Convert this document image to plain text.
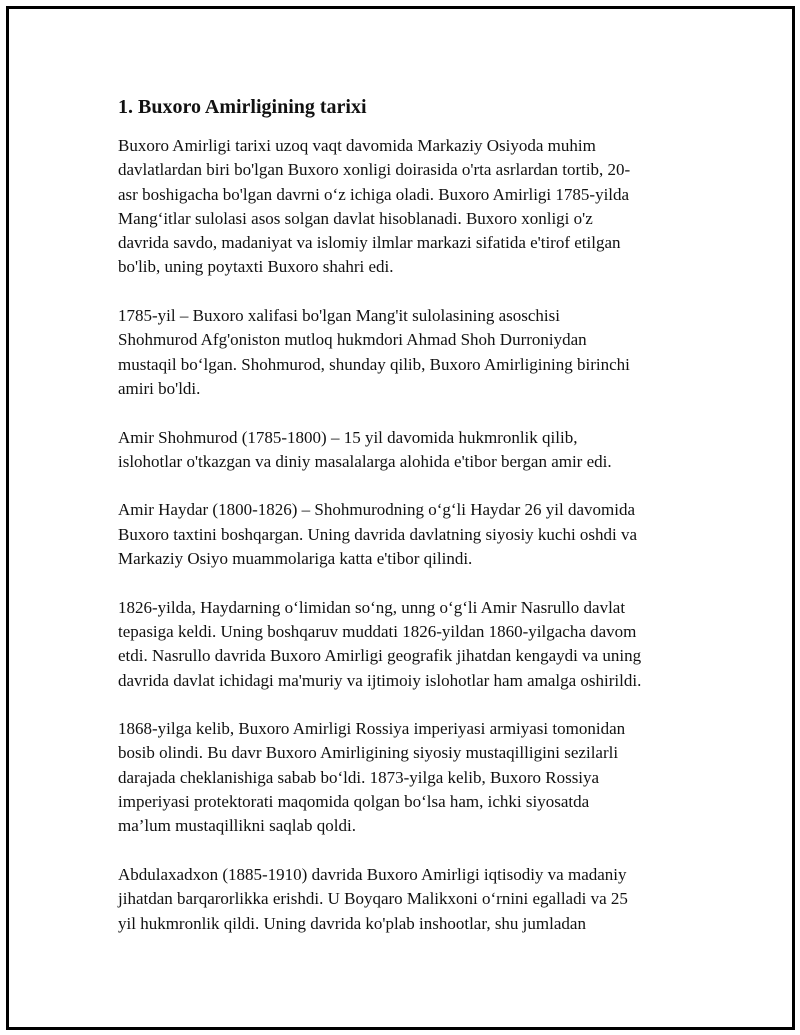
1. Buxoro Amirligining tarixi

Buxoro Amirligi tarixi uzoq vaqt davomida Markaziy Osiyoda muhim
davlatlardan biri bo'lgan Buxoro xonligi doirasida o'rta asrlardan tortib, 20-
asr boshigacha bo'lgan davrni o‘z ichiga oladi. Buxoro Amirligi 1785-yilda
Mang‘itlar sulolasi asos solgan davlat hisoblanadi. Buxoro xonligi o'z
davrida savdo, madaniyat va islomiy ilmlar markazi sifatida e'tirof etilgan
bo'lib, uning poytaxti Buxoro shahri edi.

1785-yil – Buxoro xalifasi bo'lgan Mang'it sulolasining asoschisi
Shohmurod Afg'oniston mutloq hukmdori Ahmad Shoh Durroniydan
mustaqil bo‘lgan. Shohmurod, shunday qilib, Buxoro Amirligining birinchi
amiri bo'ldi.

Amir Shohmurod (1785-1800) – 15 yil davomida hukmronlik qilib,
islohotlar o'tkazgan va diniy masalalarga alohida e'tibor bergan amir edi.

Amir Haydar (1800-1826) – Shohmurodning o‘g‘li Haydar 26 yil davomida
Buxoro taxtini boshqargan. Uning davrida davlatning siyosiy kuchi oshdi va
Markaziy Osiyo muammolariga katta e'tibor qilindi.

1826-yilda, Haydarning o‘limidan so‘ng, unng o‘g‘li Amir Nasrullo davlat
tepasiga keldi. Uning boshqaruv muddati 1826-yildan 1860-yilgacha davom
etdi. Nasrullo davrida Buxoro Amirligi geografik jihatdan kengaydi va uning
davrida davlat ichidagi ma'muriy va ijtimoiy islohotlar ham amalga oshirildi.

1868-yilga kelib, Buxoro Amirligi Rossiya imperiyasi armiyasi tomonidan
bosib olindi. Bu davr Buxoro Amirligining siyosiy mustaqilligini sezilarli
darajada cheklanishiga sabab bo‘ldi. 1873-yilga kelib, Buxoro Rossiya
imperiyasi protektorati maqomida qolgan bo‘lsa ham, ichki siyosatda
ma’lum mustaqillikni saqlab qoldi.

Abdulaxadxon (1885-1910) davrida Buxoro Amirligi iqtisodiy va madaniy
jihatdan barqarorlikka erishdi. U Boyqaro Malikxoni o‘rnini egalladi va 25
yil hukmronlik qildi. Uning davrida ko'plab inshootlar, shu jumladan
